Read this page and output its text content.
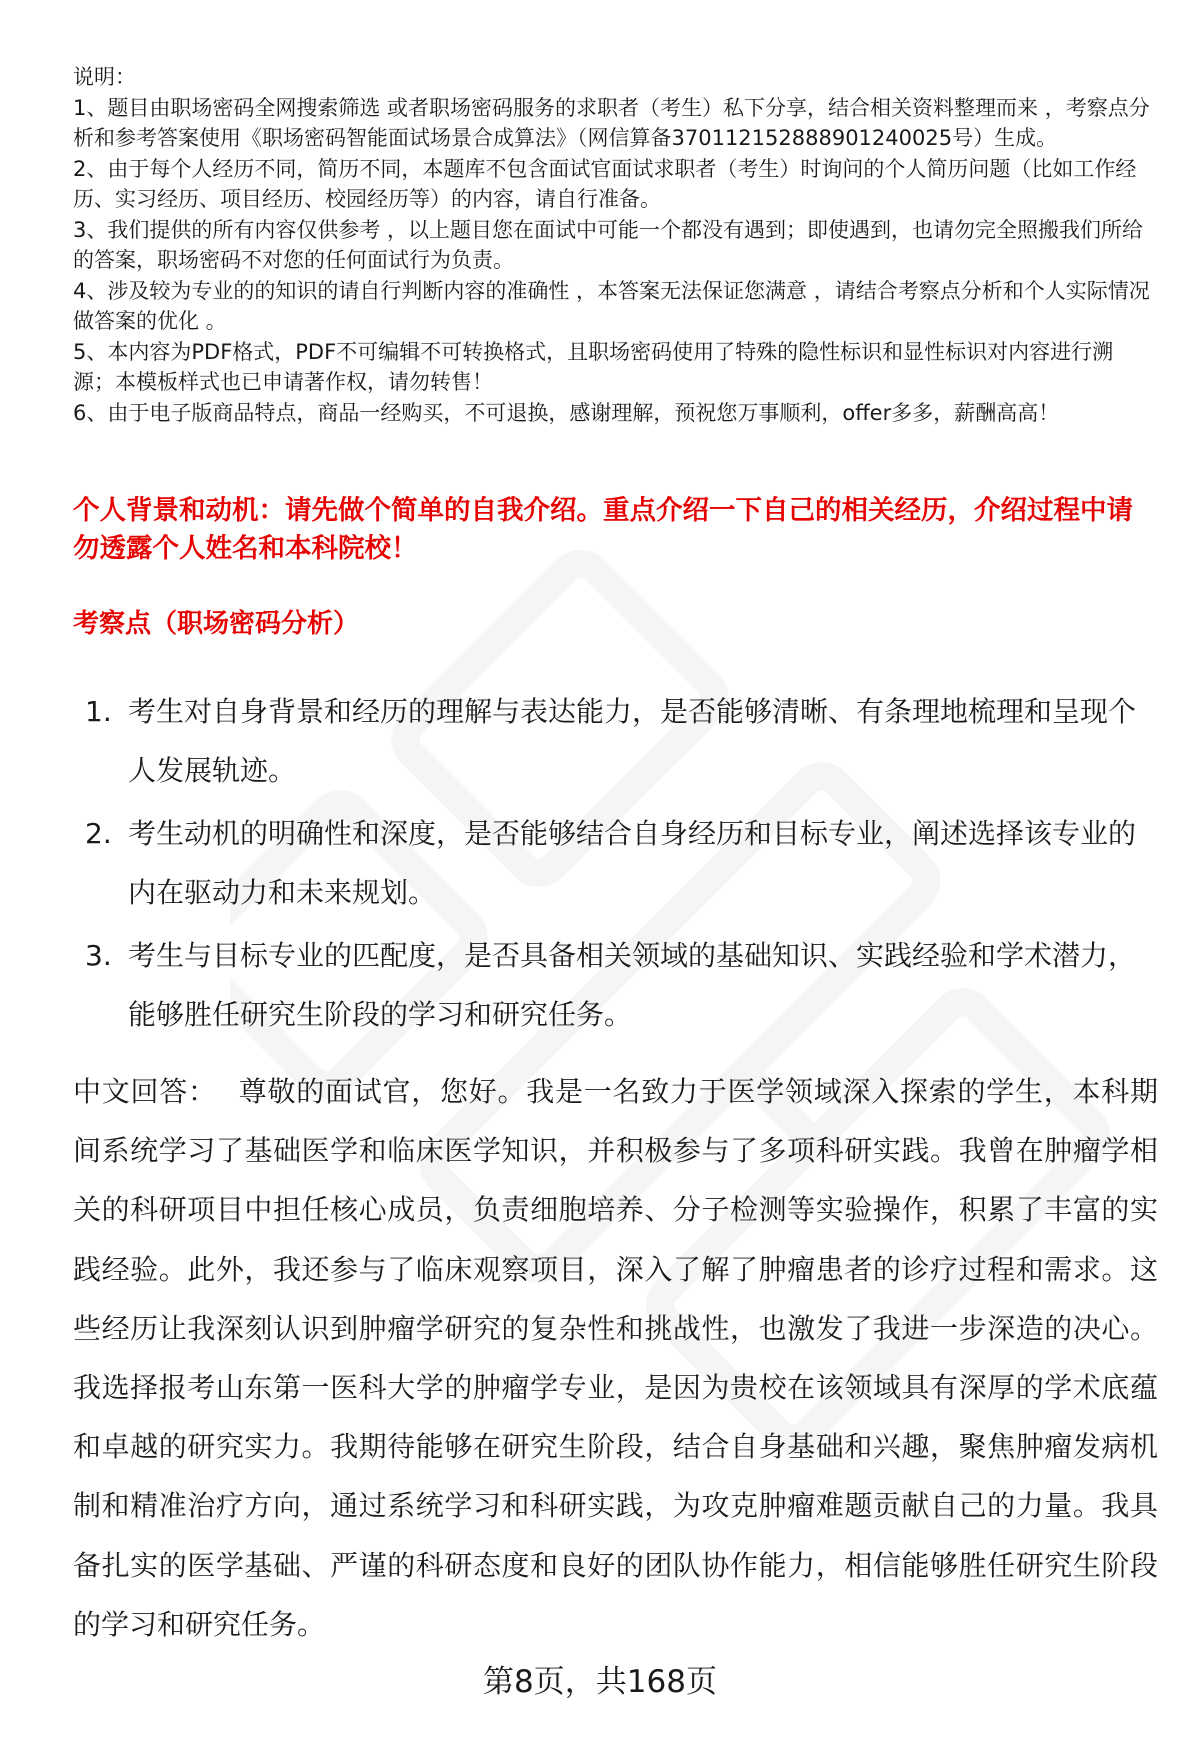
说明：

1、题目由职场密码全网搜索筛选 或者职场密码服务的求职者（考生）私下分享，结合相关资料整理而来 ，考察点分析和参考答案使用《职场密码智能面试场景合成算法》（网信算备370112152888901240025号）生成。

2、由于每个人经历不同，简历不同，本题库不包含面试官面试求职者（考生）时询问的个人简历问题（比如工作经历、实习经历、项目经历、校园经历等）的内容，请自行准备。

3、我们提供的所有内容仅供参考 ，以上题目您在面试中可能一个都没有遇到；即使遇到，也请勿完全照搬我们所给的答案，职场密码不对您的任何面试行为负责。

4、涉及较为专业的的知识的请自行判断内容的准确性 ，本答案无法保证您满意 ，请结合考察点分析和个人实际情况做答案的优化 。

5、本内容为PDF格式，PDF不可编辑不可转换格式，且职场密码使用了特殊的隐性标识和显性标识对内容进行溯源；本模板样式也已申请著作权，请勿转售！

6、由于电子版商品特点，商品一经购买，不可退换，感谢理解，预祝您万事顺利，offer多多，薪酬高高！

个人背景和动机：请先做个简单的自我介绍。重点介绍一下自己的相关经历，介绍过程中请勿透露个人姓名和本科院校！
考察点（职场密码分析）
1. 考生对自身背景和经历的理解与表达能力，是否能够清晰、有条理地梳理和呈现个人发展轨迹。
2. 考生动机的明确性和深度，是否能够结合自身经历和目标专业，阐述选择该专业的内在驱动力和未来规划。
3. 考生与目标专业的匹配度，是否具备相关领域的基础知识、实践经验和学术潜力，能够胜任研究生阶段的学习和研究任务。
中文回答： 尊敬的面试官，您好。我是一名致力于医学领域深入探索的学生，本科期间系统学习了基础医学和临床医学知识，并积极参与了多项科研实践。我曾在肿瘤学相关的科研项目中担任核心成员，负责细胞培养、分子检测等实验操作，积累了丰富的实践经验。此外，我还参与了临床观察项目，深入了解了肿瘤患者的诊疗过程和需求。这些经历让我深刻认识到肿瘤学研究的复杂性和挑战性，也激发了我进一步深造的决心。我选择报考山东第一医科大学的肿瘤学专业，是因为贵校在该领域具有深厚的学术底蕴和卓越的研究实力。我期待能够在研究生阶段，结合自身基础和兴趣，聚焦肿瘤发病机制和精准治疗方向，通过系统学习和科研实践，为攻克肿瘤难题贡献自己的力量。我具备扎实的医学基础、严谨的科研态度和良好的团队协作能力，相信能够胜任研究生阶段的学习和研究任务。
第8页，共168页
